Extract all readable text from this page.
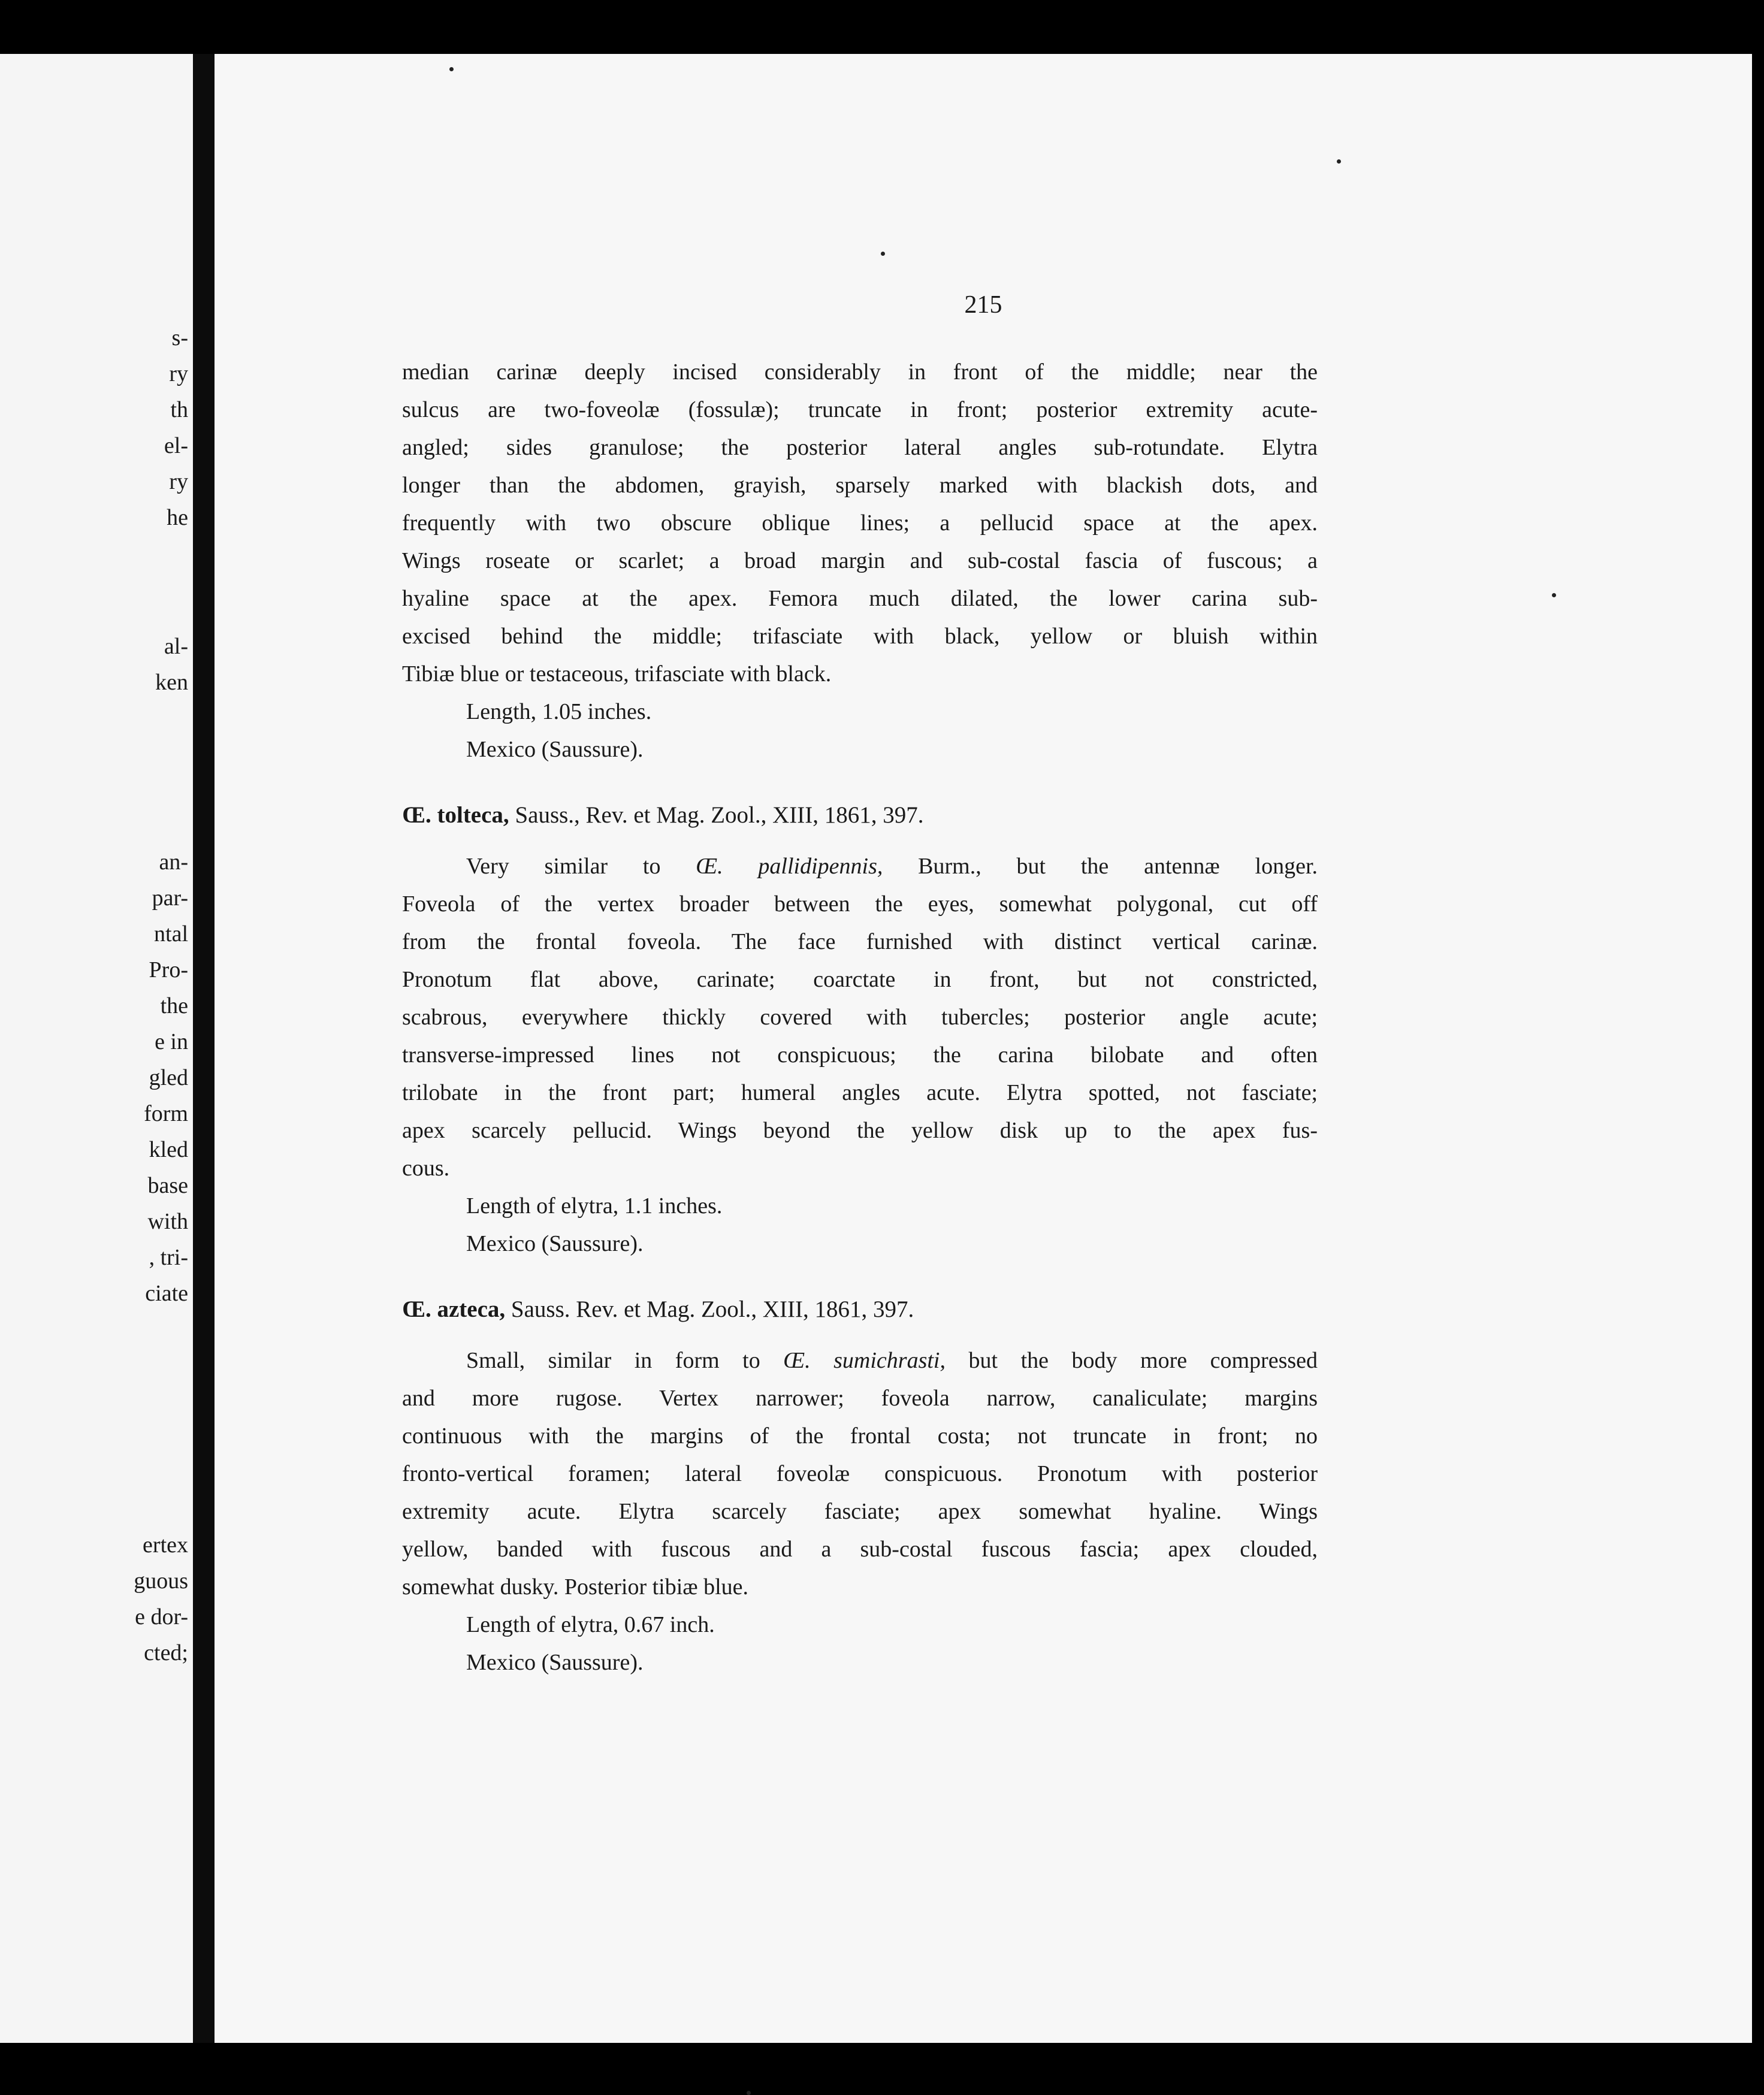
s-
ry
th
el-
ry
he
al-
ken
an-
par-
ntal
Pro-
the
e in
gled
form
kled
base
with
, tri-
ciate
ertex
guous
e dor-
cted;
215
median carinæ deeply incised considerably in front of the middle; near the
sulcus are two-foveolæ (fossulæ); truncate in front; posterior extremity acute-
angled; sides granulose; the posterior lateral angles sub-rotundate. Elytra
longer than the abdomen, grayish, sparsely marked with blackish dots, and
frequently with two obscure oblique lines; a pellucid space at the apex.
Wings roseate or scarlet; a broad margin and sub-costal fascia of fuscous; a
hyaline space at the apex. Femora much dilated, the lower carina sub-
excised behind the middle; trifasciate with black, yellow or bluish within
Tibiæ blue or testaceous, trifasciate with black.
Length, 1.05 inches.
Mexico (Saussure).
Œ. tolteca, Sauss., Rev. et Mag. Zool., XIII, 1861, 397.
Very similar to Œ. pallidipennis, Burm., but the antennæ longer.
Foveola of the vertex broader between the eyes, somewhat polygonal, cut off
from the frontal foveola. The face furnished with distinct vertical carinæ.
Pronotum flat above, carinate; coarctate in front, but not constricted,
scabrous, everywhere thickly covered with tubercles; posterior angle acute;
transverse-impressed lines not conspicuous; the carina bilobate and often
trilobate in the front part; humeral angles acute. Elytra spotted, not fasciate;
apex scarcely pellucid. Wings beyond the yellow disk up to the apex fus-
cous.
Length of elytra, 1.1 inches.
Mexico (Saussure).
Œ. azteca, Sauss. Rev. et Mag. Zool., XIII, 1861, 397.
Small, similar in form to Œ. sumichrasti, but the body more compressed
and more rugose. Vertex narrower; foveola narrow, canaliculate; margins
continuous with the margins of the frontal costa; not truncate in front; no
fronto-vertical foramen; lateral foveolæ conspicuous. Pronotum with posterior
extremity acute. Elytra scarcely fasciate; apex somewhat hyaline. Wings
yellow, banded with fuscous and a sub-costal fuscous fascia; apex clouded,
somewhat dusky. Posterior tibiæ blue.
Length of elytra, 0.67 inch.
Mexico (Saussure).
